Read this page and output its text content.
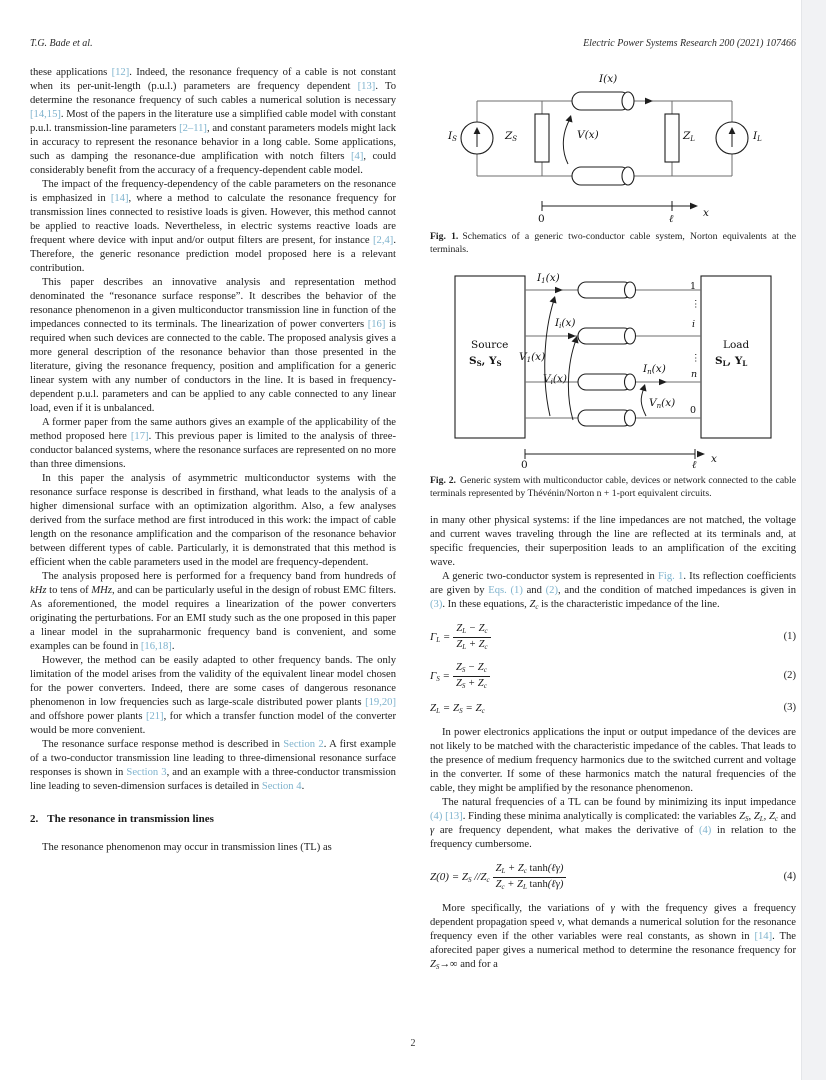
T.G. Bade et al.	Electric Power Systems Research 200 (2021) 107466

these applications [12]. Indeed, the resonance frequency of a cable is not constant when its per-unit-length (p.u.l.) parameters are frequency dependent [13]. To determine the resonance frequency of such cables a numerical solution is necessary [14,15]. Most of the papers in the literature use a simplified cable model with constant p.u.l. transmission-line parameters [2–11], and constant parameters models might lack in accuracy to represent the resonance behavior in a long cable. Some applications, such as damping the resonance-due amplification with notch filters [4], could considerably benefit from the accuracy of a frequency-dependent cable model.

The impact of the frequency-dependency of the cable parameters on the resonance is emphasized in [14], where a method to calculate the resonance frequency for transmission lines connected to resistive loads is given. However, this method cannot be applied to reactive loads. Nevertheless, in electric systems reactive loads are frequent where device with input and/or output filters are present, for instance [2,4]. Therefore, the generic resonance prediction model proposed here is a relevant contribution.

This paper describes an innovative analysis and representation method denominated the “resonance surface response”. It describes the behavior of the resonance phenomenon in a given multiconductor transmission line in function of the impedances connected to its terminals. The linearization of power converters [16] is required when such devices are connected to the cable. The proposed analysis gives a more general description of the resonance behavior than those presented in the literature, giving the resonance frequency, position and amplification for a generic linear system with any number of conductors in the line. It is based in frequency-dependent p.u.l. parameters and can be applied to any cable connected to any linear load, even if it is unbalanced.

A former paper from the same authors gives an example of the applicability of the method proposed here [17]. This previous paper is limited to the analysis of three-conductor balanced systems, where the resonance surfaces are represented on no more than three dimensions.

In this paper the analysis of asymmetric multiconductor systems with the resonance surface response is described in firsthand, what leads to the analysis of a higher dimensional surface with an optimization algorithm. Also, a few analyses derived from the surface method are first introduced in this work: the impact of cable length on the resonance amplification and the comparison of the resonance behavior between different types of cable. Particularly, it is demonstrated that this method is efficient when the cable parameters used in the model are frequency-dependent.

The analysis proposed here is performed for a frequency band from hundreds of kHz to tens of MHz, and can be particularly useful in the design of robust EMC filters. As aforementioned, the model requires a linearization of the power converters originating the perturbations. For an EMI study such as the one proposed in this paper a linear model in the supraharmonic frequency band is convenient, and some examples can be found in [16,18].

However, the method can be easily adapted to other frequency bands. The only limitation of the model arises from the validity of the equivalent linear model chosen for the power converters. Indeed, there are some cases of dangerous resonance phenomenon in low frequencies such as large-scale distributed power plants [19,20] and offshore power plants [21], for which a transfer function model of the converter would be more convenient.

The resonance surface response method is described in Section 2. A first example of a two-conductor transmission line leading to three-dimensional resonance surface responses is shown in Section 3, and an example with a three-conductor transmission line leading to seven-dimension surfaces is detailed in Section 4.

2. The resonance in transmission lines

The resonance phenomenon may occur in transmission lines (TL) as

$I_S$	$Z_S$	V(x)
I(x)
$Z_L$	$I_L$
0	ℓ	x
Fig. 1. Schematics of a generic two-conductor cable system, Norton equivalents at the terminals.
Source
$S_S$, $Y_S$
Load
$S_L$, $Y_L$
$I_1(x)$
$I_i(x)$
$I_n(x)$
$V_1(x)$
$V_i(x)$
$V_n(x)$
1
⋮
i
⋮
n
0
0	ℓ x
Fig. 2. Generic system with multiconductor cable, devices or network connected to the cable terminals represented by Thévénin/Norton n + 1-port equivalent circuits.

in many other physical systems: if the line impedances are not matched, the voltage and current waves traveling through the line are reflected at its terminals and, at specific frequencies, their superposition leads to an amplification of the exciting wave.

A generic two-conductor system is represented in Fig. 1. Its reflection coefficients are given by Eqs. (1) and (2), and the condition of matched impedances is given in (3). In these equations, $Z_c$ is the characteristic impedance of the line.

$\Gamma_L = \frac{Z_L - Z_c}{Z_L + Z_c}$	(1)
$\Gamma_S = \frac{Z_S - Z_c}{Z_S + Z_c}$	(2)
$Z_L = Z_S = Z_c$	(3)

In power electronics applications the input or output impedance of the devices are not likely to be matched with the characteristic impedance of the cables. That leads to the presence of medium frequency harmonics due to the switched current and voltage in the converter. If some of these harmonics match the natural frequencies of the cable, they might be amplified by the resonance phenomenon.

The natural frequencies of a TL can be found by minimizing its input impedance (4) [13]. Finding these minima analytically is complicated: the variables $Z_S$, $Z_L$, $Z_c$ and γ are frequency dependent, what makes the derivative of (4) in relation to the frequency cumbersome.

$Z(0) = Z_S$ $//Z_c \frac{Z_L + Z_c \tanh(\ell\gamma)}{Z_c + Z_L \tanh(\ell\gamma)}$	(4)

More specifically, the variations of γ with the frequency gives a frequency dependent propagation speed v, what demands a numerical solution for the resonance frequency even if the other variables were real constants, as shown in [14]. The aforecited paper gives a numerical method to determine the resonance frequency for $Z_S\to\infty$ and for a

2
